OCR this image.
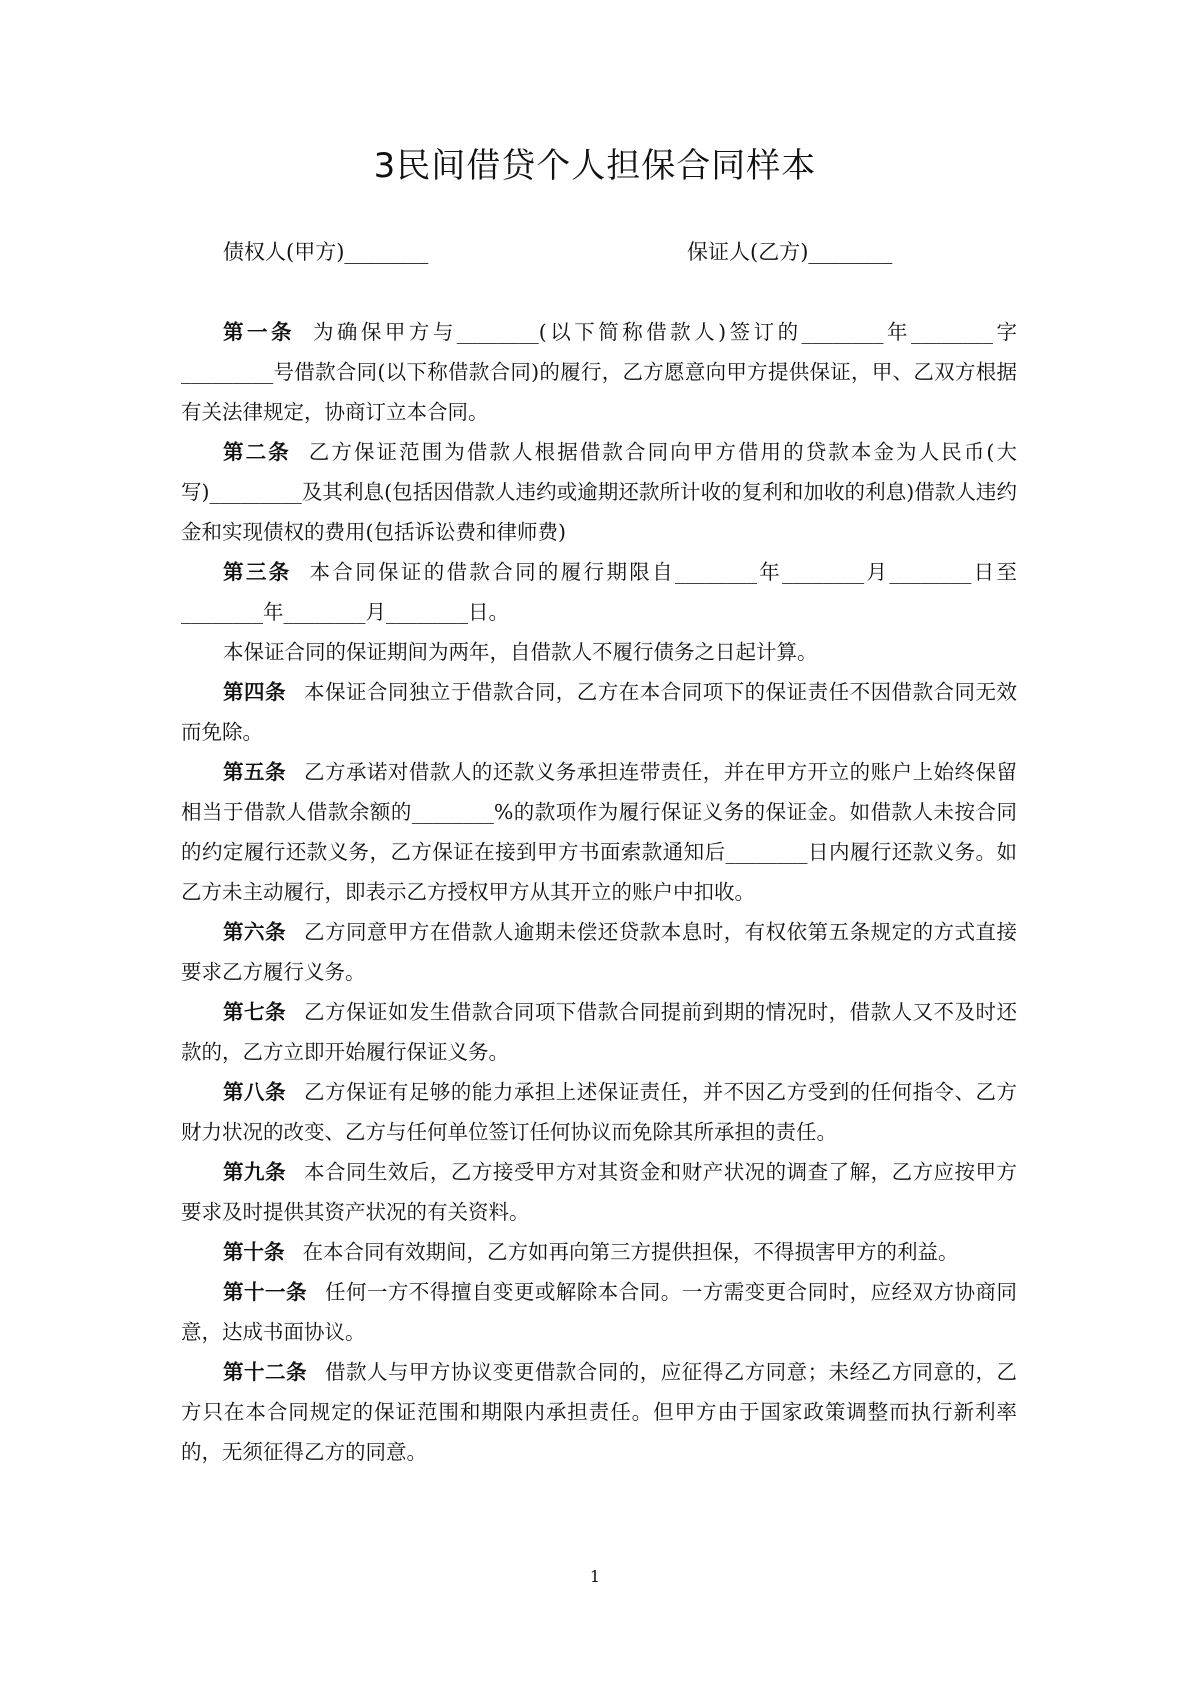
3民间借贷个人担保合同样本
债权人(甲方)________	保证人(乙方)________

第一条 为确保甲方与________(以下简称借款人)签订的________年________字_________号借款合同(以下称借款合同)的履行，乙方愿意向甲方提供保证，甲、乙双方根据有关法律规定，协商订立本合同。

第二条 乙方保证范围为借款人根据借款合同向甲方借用的贷款本金为人民币(大写)_________及其利息(包括因借款人违约或逾期还款所计收的复利和加收的利息)借款人违约金和实现债权的费用(包括诉讼费和律师费)

第三条 本合同保证的借款合同的履行期限自________年________月________日至________年________月________日。

本保证合同的保证期间为两年，自借款人不履行债务之日起计算。

第四条 本保证合同独立于借款合同，乙方在本合同项下的保证责任不因借款合同无效而免除。

第五条 乙方承诺对借款人的还款义务承担连带责任，并在甲方开立的账户上始终保留相当于借款人借款余额的________%的款项作为履行保证义务的保证金。如借款人未按合同的约定履行还款义务，乙方保证在接到甲方书面索款通知后________日内履行还款义务。如乙方未主动履行，即表示乙方授权甲方从其开立的账户中扣收。

第六条 乙方同意甲方在借款人逾期未偿还贷款本息时，有权依第五条规定的方式直接要求乙方履行义务。

第七条 乙方保证如发生借款合同项下借款合同提前到期的情况时，借款人又不及时还款的，乙方立即开始履行保证义务。

第八条 乙方保证有足够的能力承担上述保证责任，并不因乙方受到的任何指令、乙方财力状况的改变、乙方与任何单位签订任何协议而免除其所承担的责任。

第九条 本合同生效后，乙方接受甲方对其资金和财产状况的调查了解，乙方应按甲方要求及时提供其资产状况的有关资料。

第十条 在本合同有效期间，乙方如再向第三方提供担保，不得损害甲方的利益。

第十一条 任何一方不得擅自变更或解除本合同。一方需变更合同时，应经双方协商同意，达成书面协议。

第十二条 借款人与甲方协议变更借款合同的，应征得乙方同意；未经乙方同意的，乙方只在本合同规定的保证范围和期限内承担责任。但甲方由于国家政策调整而执行新利率的，无须征得乙方的同意。

1
